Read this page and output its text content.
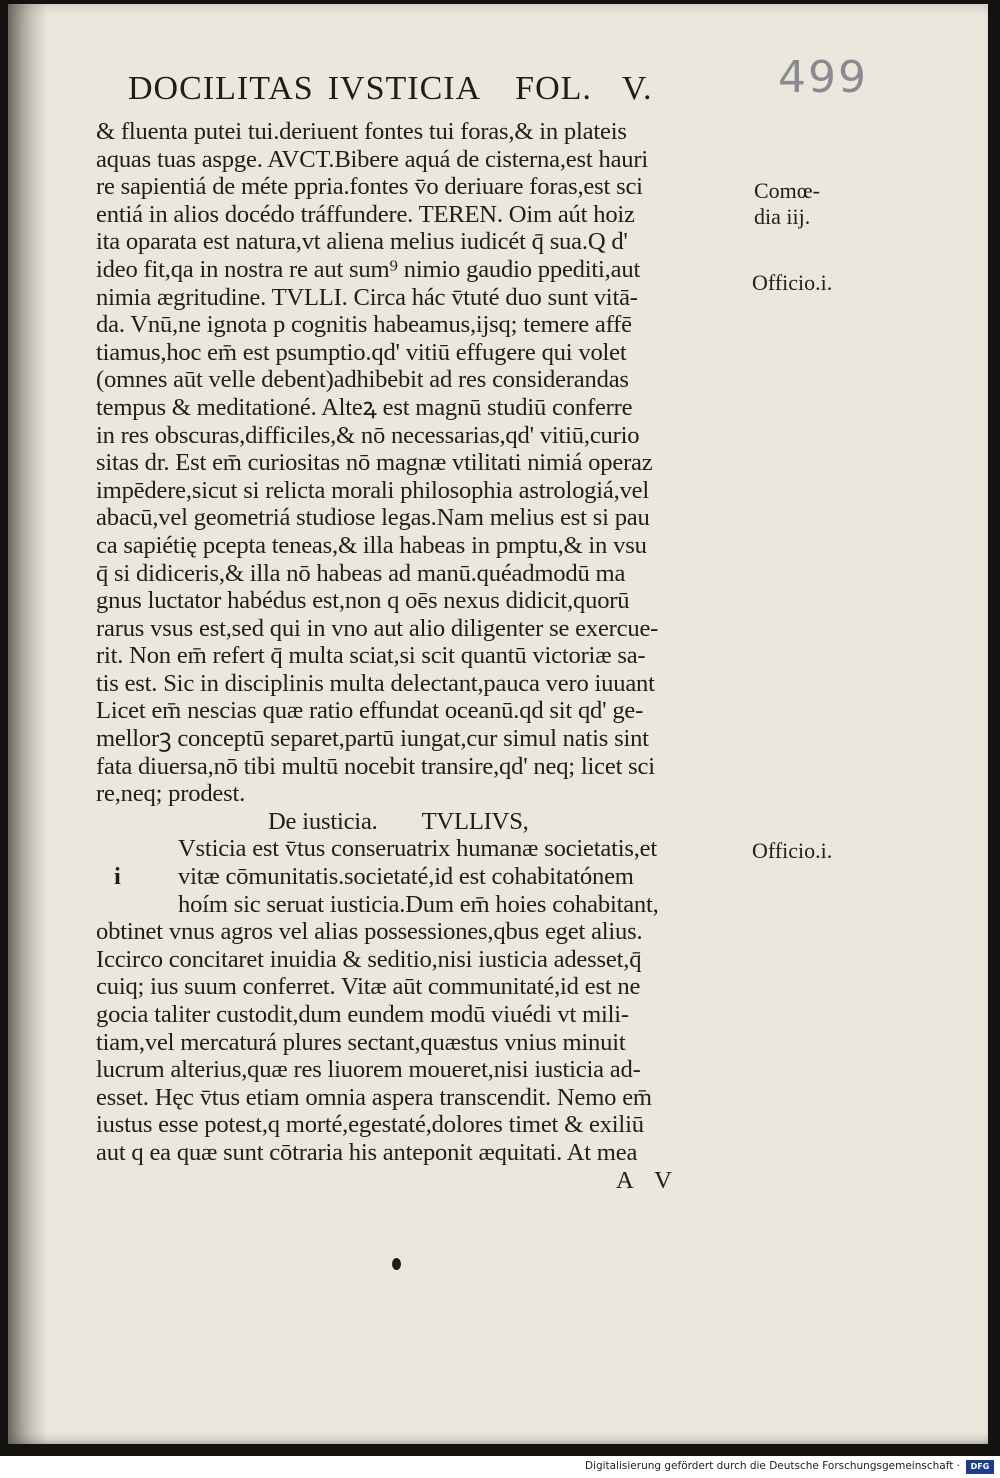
499
DOCILITAS IVSTICIA FOL. V.
& fluenta putei tui.deriuent fontes tui foras,& in plateis
aquas tuas aspge. AVCT.Bibere aquá de cisterna,est hauri
re sapientiá de méte ppria.fontes v̄o deriuare foras,est sci
entiá in alios docédo tráffundere. TEREN. Oim aút hoiz
ita oparata est natura,vt aliena melius iudicét q̄ sua.Q d'
ideo fit,qa in nostra re aut sum⁹ nimio gaudio ppediti,aut
nimia ægritudine. TVLLI. Circa hác v̄tuté duo sunt vitā-
da. Vnū,ne ignota p cognitis habeamus,ijsq; temere affē
tiamus,hoc em̄ est psumptio.qd' vitiū effugere qui volet
(omnes aūt velle debent)adhibebit ad res considerandas
tempus & meditationé. Alteꝝ est magnū studiū conferre
in res obscuras,difficiles,& nō necessarias,qd' vitiū,curio
sitas dr. Est em̄ curiositas nō magnæ vtilitati nimiá operaz
impēdere,sicut si relicta morali philosophia astrologiá,vel
abacū,vel geometriá studiose legas.Nam melius est si pau
ca sapiétię pcepta teneas,& illa habeas in pmptu,& in vsu
q̄ si didiceris,& illa nō habeas ad manū.quéadmodū ma
gnus luctator habédus est,non q oēs nexus didicit,quorū
rarus vsus est,sed qui in vno aut alio diligenter se exercue-
rit. Non em̄ refert q̄ multa sciat,si scit quantū victoriæ sa-
tis est. Sic in disciplinis multa delectant,pauca vero iuuant
Licet em̄ nescias quæ ratio effundat oceanū.qd sit qd' ge-
mellorꝫ conceptū separet,partū iungat,cur simul natis sint
fata diuersa,nō tibi multū nocebit transire,qd' neq; licet sci
re,neq; prodest.
De iusticia. TVLLIVS,
Vsticia est v̄tus conseruatrix humanæ societatis,et
i vitæ cōmunitatis.societaté,id est cohabitatónem
hoím sic seruat iusticia.Dum em̄ hoies cohabitant,
obtinet vnus agros vel alias possessiones,qbus eget alius.
Iccirco concitaret inuidia & seditio,nisi iusticia adesset,q̄
cuiq; ius suum conferret. Vitæ aūt communitaté,id est ne
gocia taliter custodit,dum eundem modū viuédi vt mili-
tiam,vel mercaturá plures sectant,quæstus vnius minuit
lucrum alterius,quæ res liuorem moueret,nisi iusticia ad-
esset. Hęc v̄tus etiam omnia aspera transcendit. Nemo em̄
iustus esse potest,q morté,egestaté,dolores timet & exiliū
aut q ea quæ sunt cōtraria his anteponit æquitati. At mea
A V
Comœ-
dia iij.
Officio.i.
Officio.i.
Digitalisierung gefördert durch die Deutsche Forschungsgemeinschaft ·	DFG
